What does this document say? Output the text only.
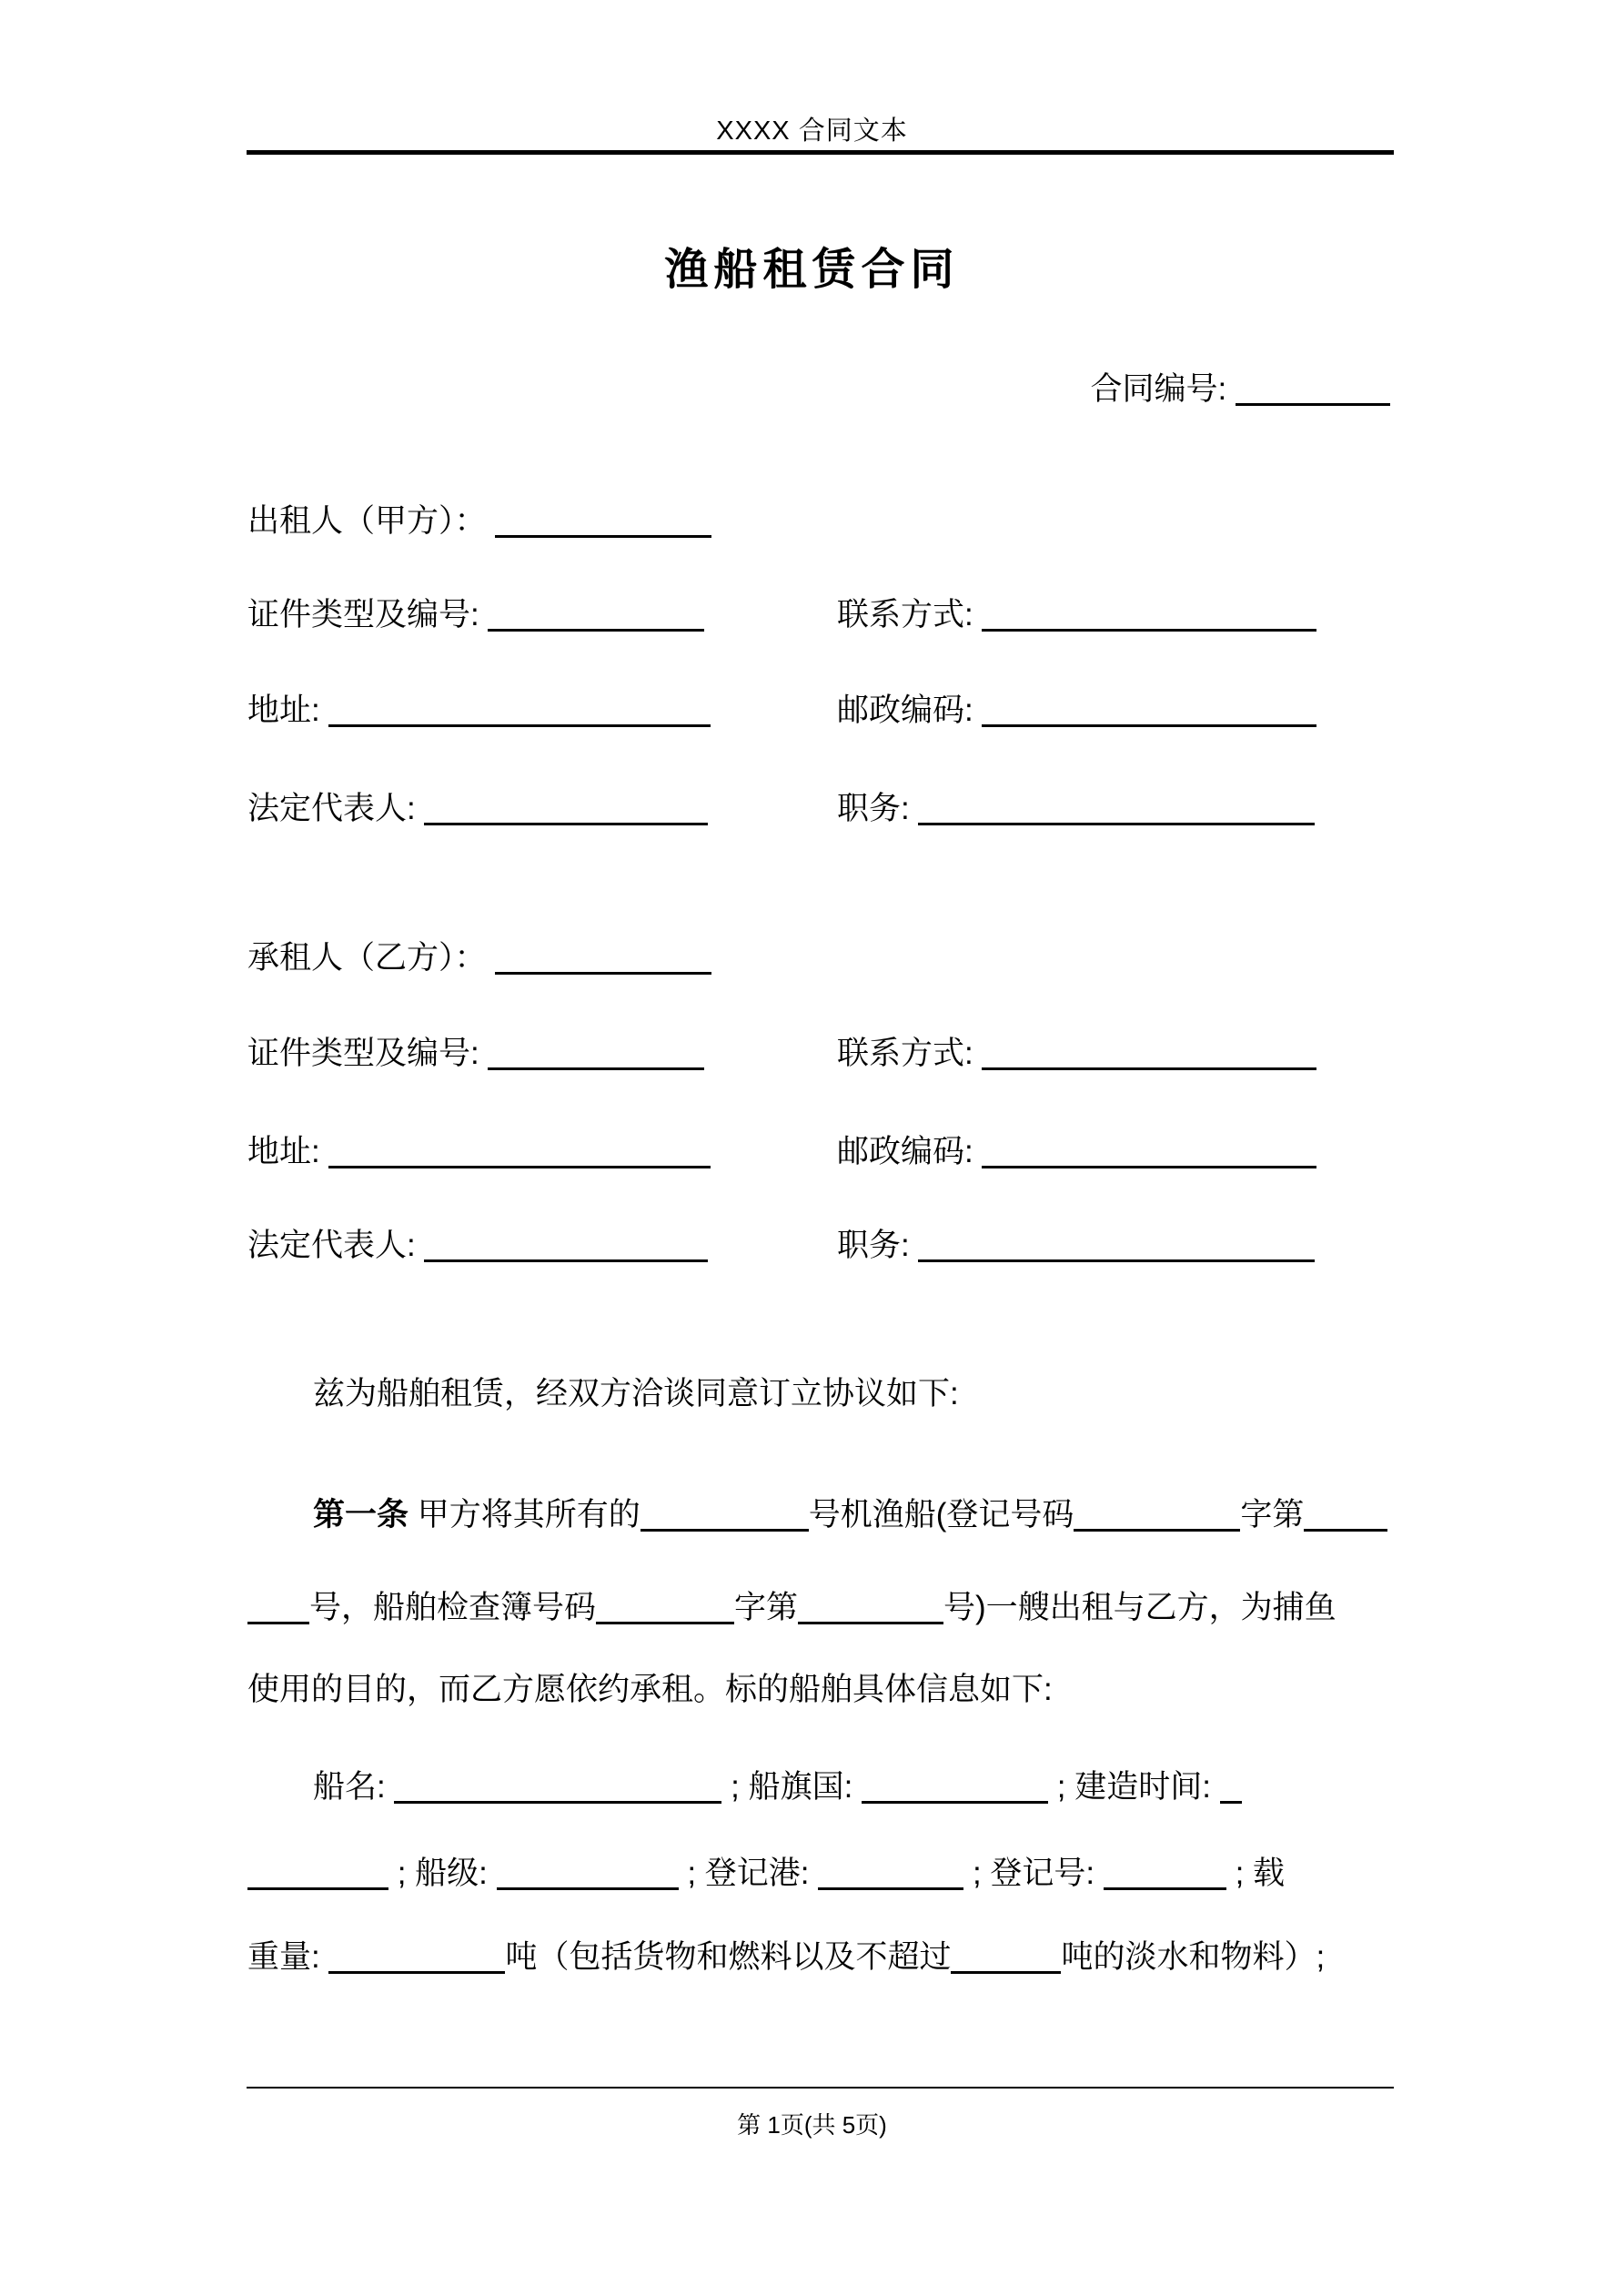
XXXX 合同文本
渔船租赁合同
合同编号:
出租人（甲方）：
证件类型及编号:	联系方式:
地址:	邮政编码:
法定代表人:	职务:
承租人（乙方）：
证件类型及编号:	联系方式:
地址:	邮政编码:
法定代表人:	职务:
兹为船舶租赁，经双方洽谈同意订立协议如下:
第一条 甲方将其所有的	号机渔船(登记号码	字第
号，船舶检查簿号码	字第	号)一艘出租与乙方，为捕鱼
使用的目的，而乙方愿依约承租。标的船舶具体信息如下:
船名:	; 船旗国:	; 建造时间:
; 船级:	; 登记港:	; 登记号:	; 载
重量:	吨（包括货物和燃料以及不超过	吨的淡水和物料）;
第 1页(共 5页)
